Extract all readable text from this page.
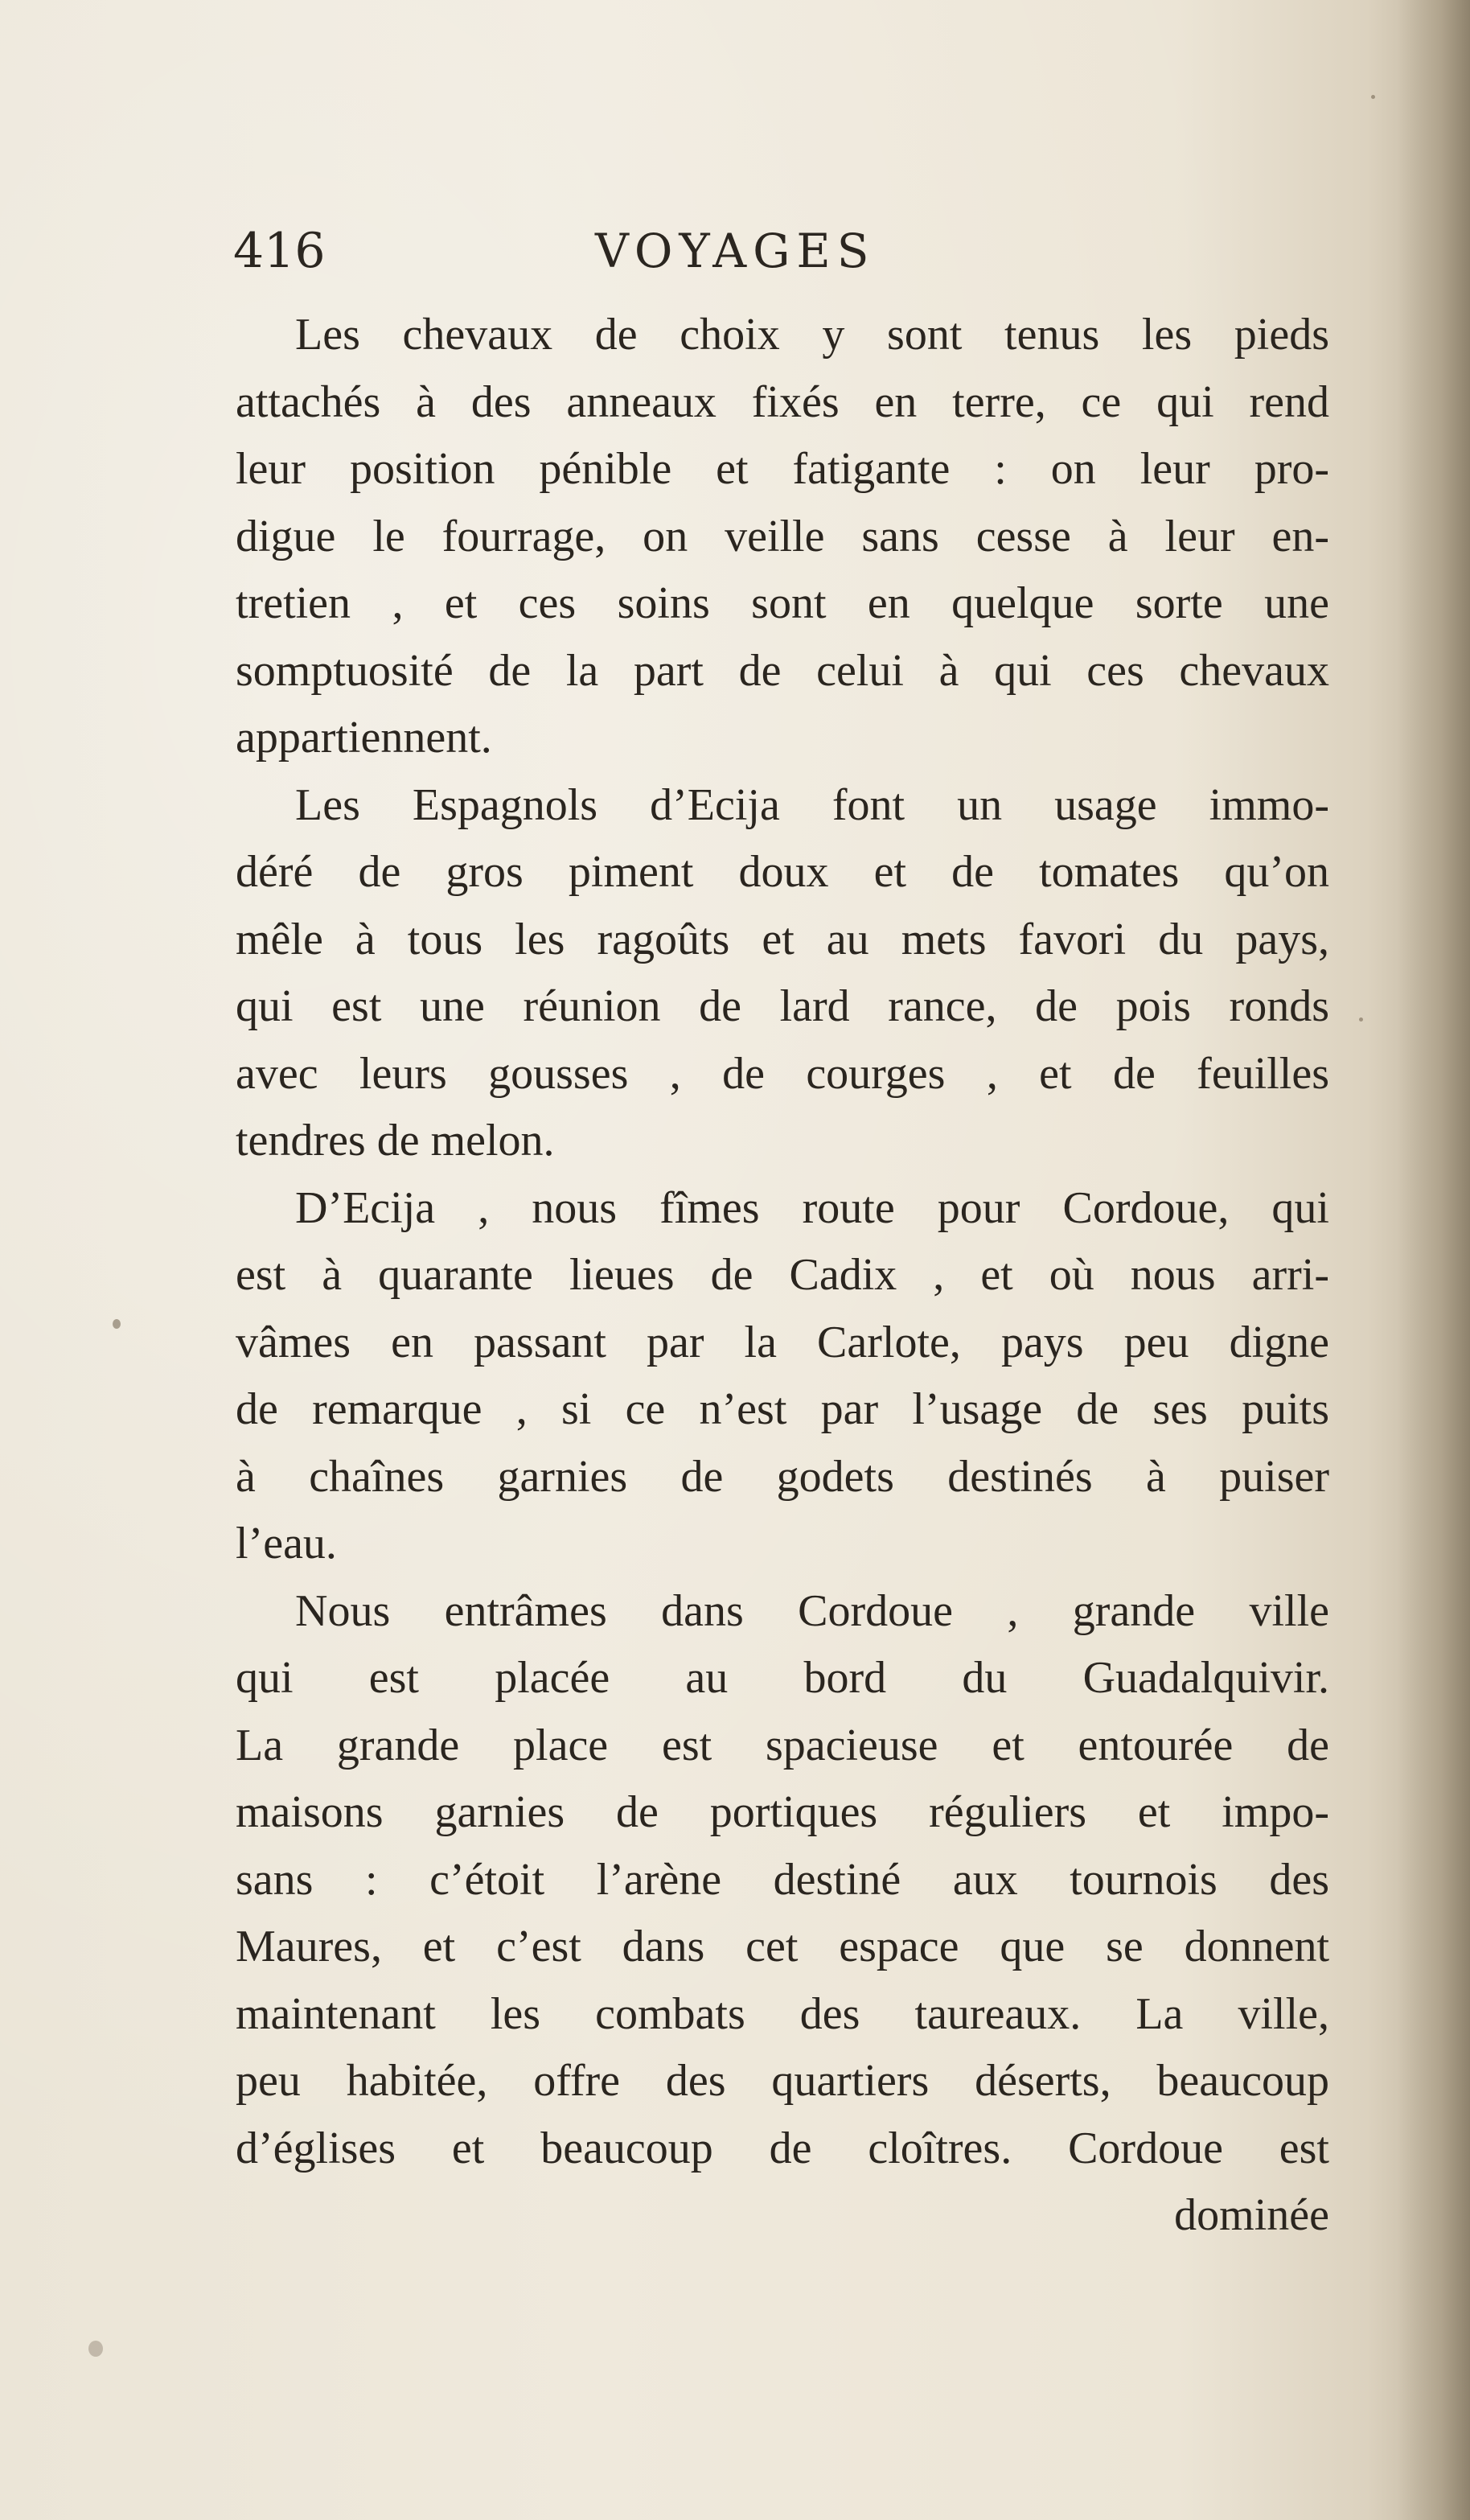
416	VOYAGES
Les chevaux de choix y sont tenus les pieds
attachés à des anneaux fixés en terre, ce qui rend
leur position pénible et fatigante : on leur pro-
digue le fourrage, on veille sans cesse à leur en-
tretien , et ces soins sont en quelque sorte une
somptuosité de la part de celui à qui ces chevaux
appartiennent.
Les Espagnols d’Ecija font un usage immo-
déré de gros piment doux et de tomates qu’on
mêle à tous les ragoûts et au mets favori du pays,
qui est une réunion de lard rance, de pois ronds
avec leurs gousses , de courges , et de feuilles
tendres de melon.
D’Ecija , nous fîmes route pour Cordoue, qui
est à quarante lieues de Cadix , et où nous arri-
vâmes en passant par la Carlote, pays peu digne
de remarque , si ce n’est par l’usage de ses puits
à chaînes garnies de godets destinés à puiser
l’eau.
Nous entrâmes dans Cordoue , grande ville
qui est placée au bord du Guadalquivir.
La grande place est spacieuse et entourée de
maisons garnies de portiques réguliers et impo-
sans : c’étoit l’arène destiné aux tournois des
Maures, et c’est dans cet espace que se donnent
maintenant les combats des taureaux. La ville,
peu habitée, offre des quartiers déserts, beaucoup
d’églises et beaucoup de cloîtres. Cordoue est
dominée
